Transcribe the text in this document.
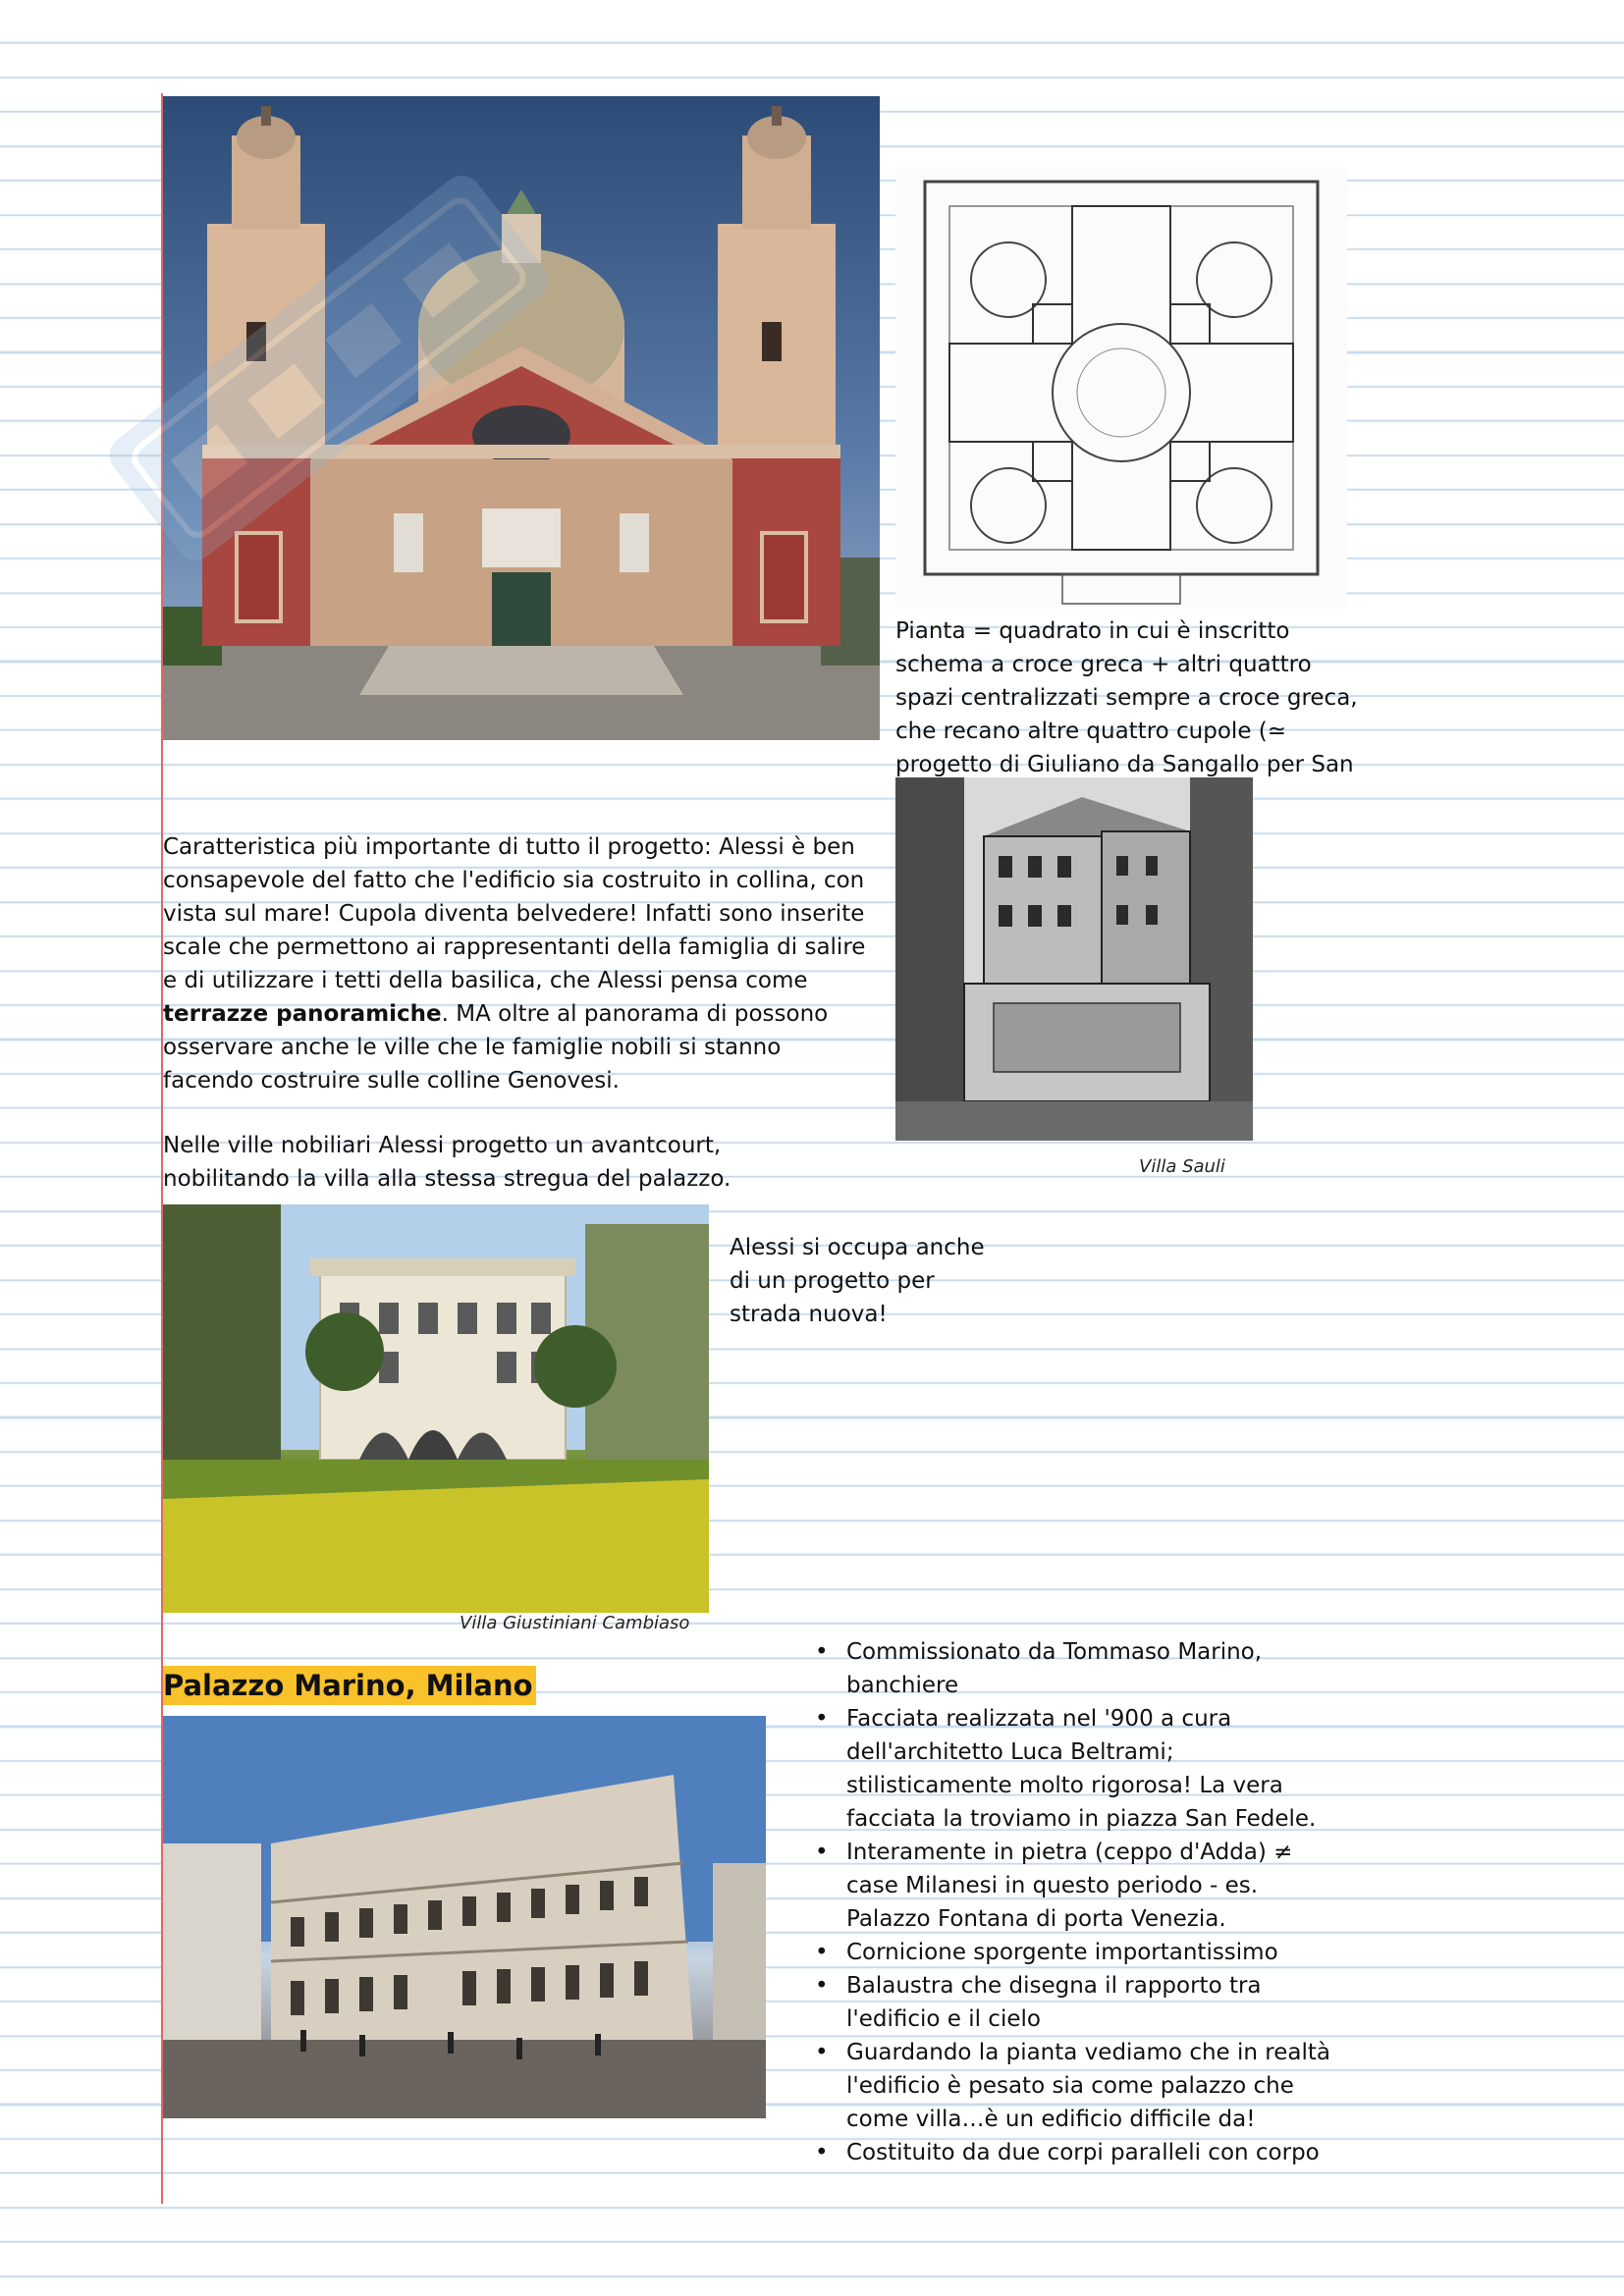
Pianta = quadrato in cui è inscritto schema a croce greca + altri quattro spazi centralizzati sempre a croce greca, che recano altre quattro cupole (≃ progetto di Giuliano da Sangallo per San
Caratteristica più importante di tutto il progetto: Alessi è ben consapevole del fatto che l'edificio sia costruito in collina, con vista sul mare! Cupola diventa belvedere! Infatti sono inserite scale che permettono ai rappresentanti della famiglia di salire e di utilizzare i tetti della basilica, che Alessi pensa come terrazze panoramiche. MA oltre al panorama di possono osservare anche le ville che le famiglie nobili si stanno facendo costruire sulle colline Genovesi.
Nelle ville nobiliari Alessi progetto un avantcourt, nobilitando la villa alla stessa stregua del palazzo.	Villa Sauli
Alessi si occupa anche di un progetto per strada nuova!
Villa Giustiniani Cambiaso
Palazzo Marino, Milano
• Commissionato da Tommaso Marino, banchiere
• Facciata realizzata nel '900 a cura dell'architetto Luca Beltrami; stilisticamente molto rigorosa! La vera facciata la troviamo in piazza San Fedele.
• Interamente in pietra (ceppo d'Adda) ≠ case Milanesi in questo periodo - es. Palazzo Fontana di porta Venezia.
• Cornicione sporgente importantissimo
• Balaustra che disegna il rapporto tra l'edificio e il cielo
• Guardando la pianta vediamo che in realtà l'edificio è pesato sia come palazzo che come villa…è un edificio difficile da!
• Costituito da due corpi paralleli con corpo
